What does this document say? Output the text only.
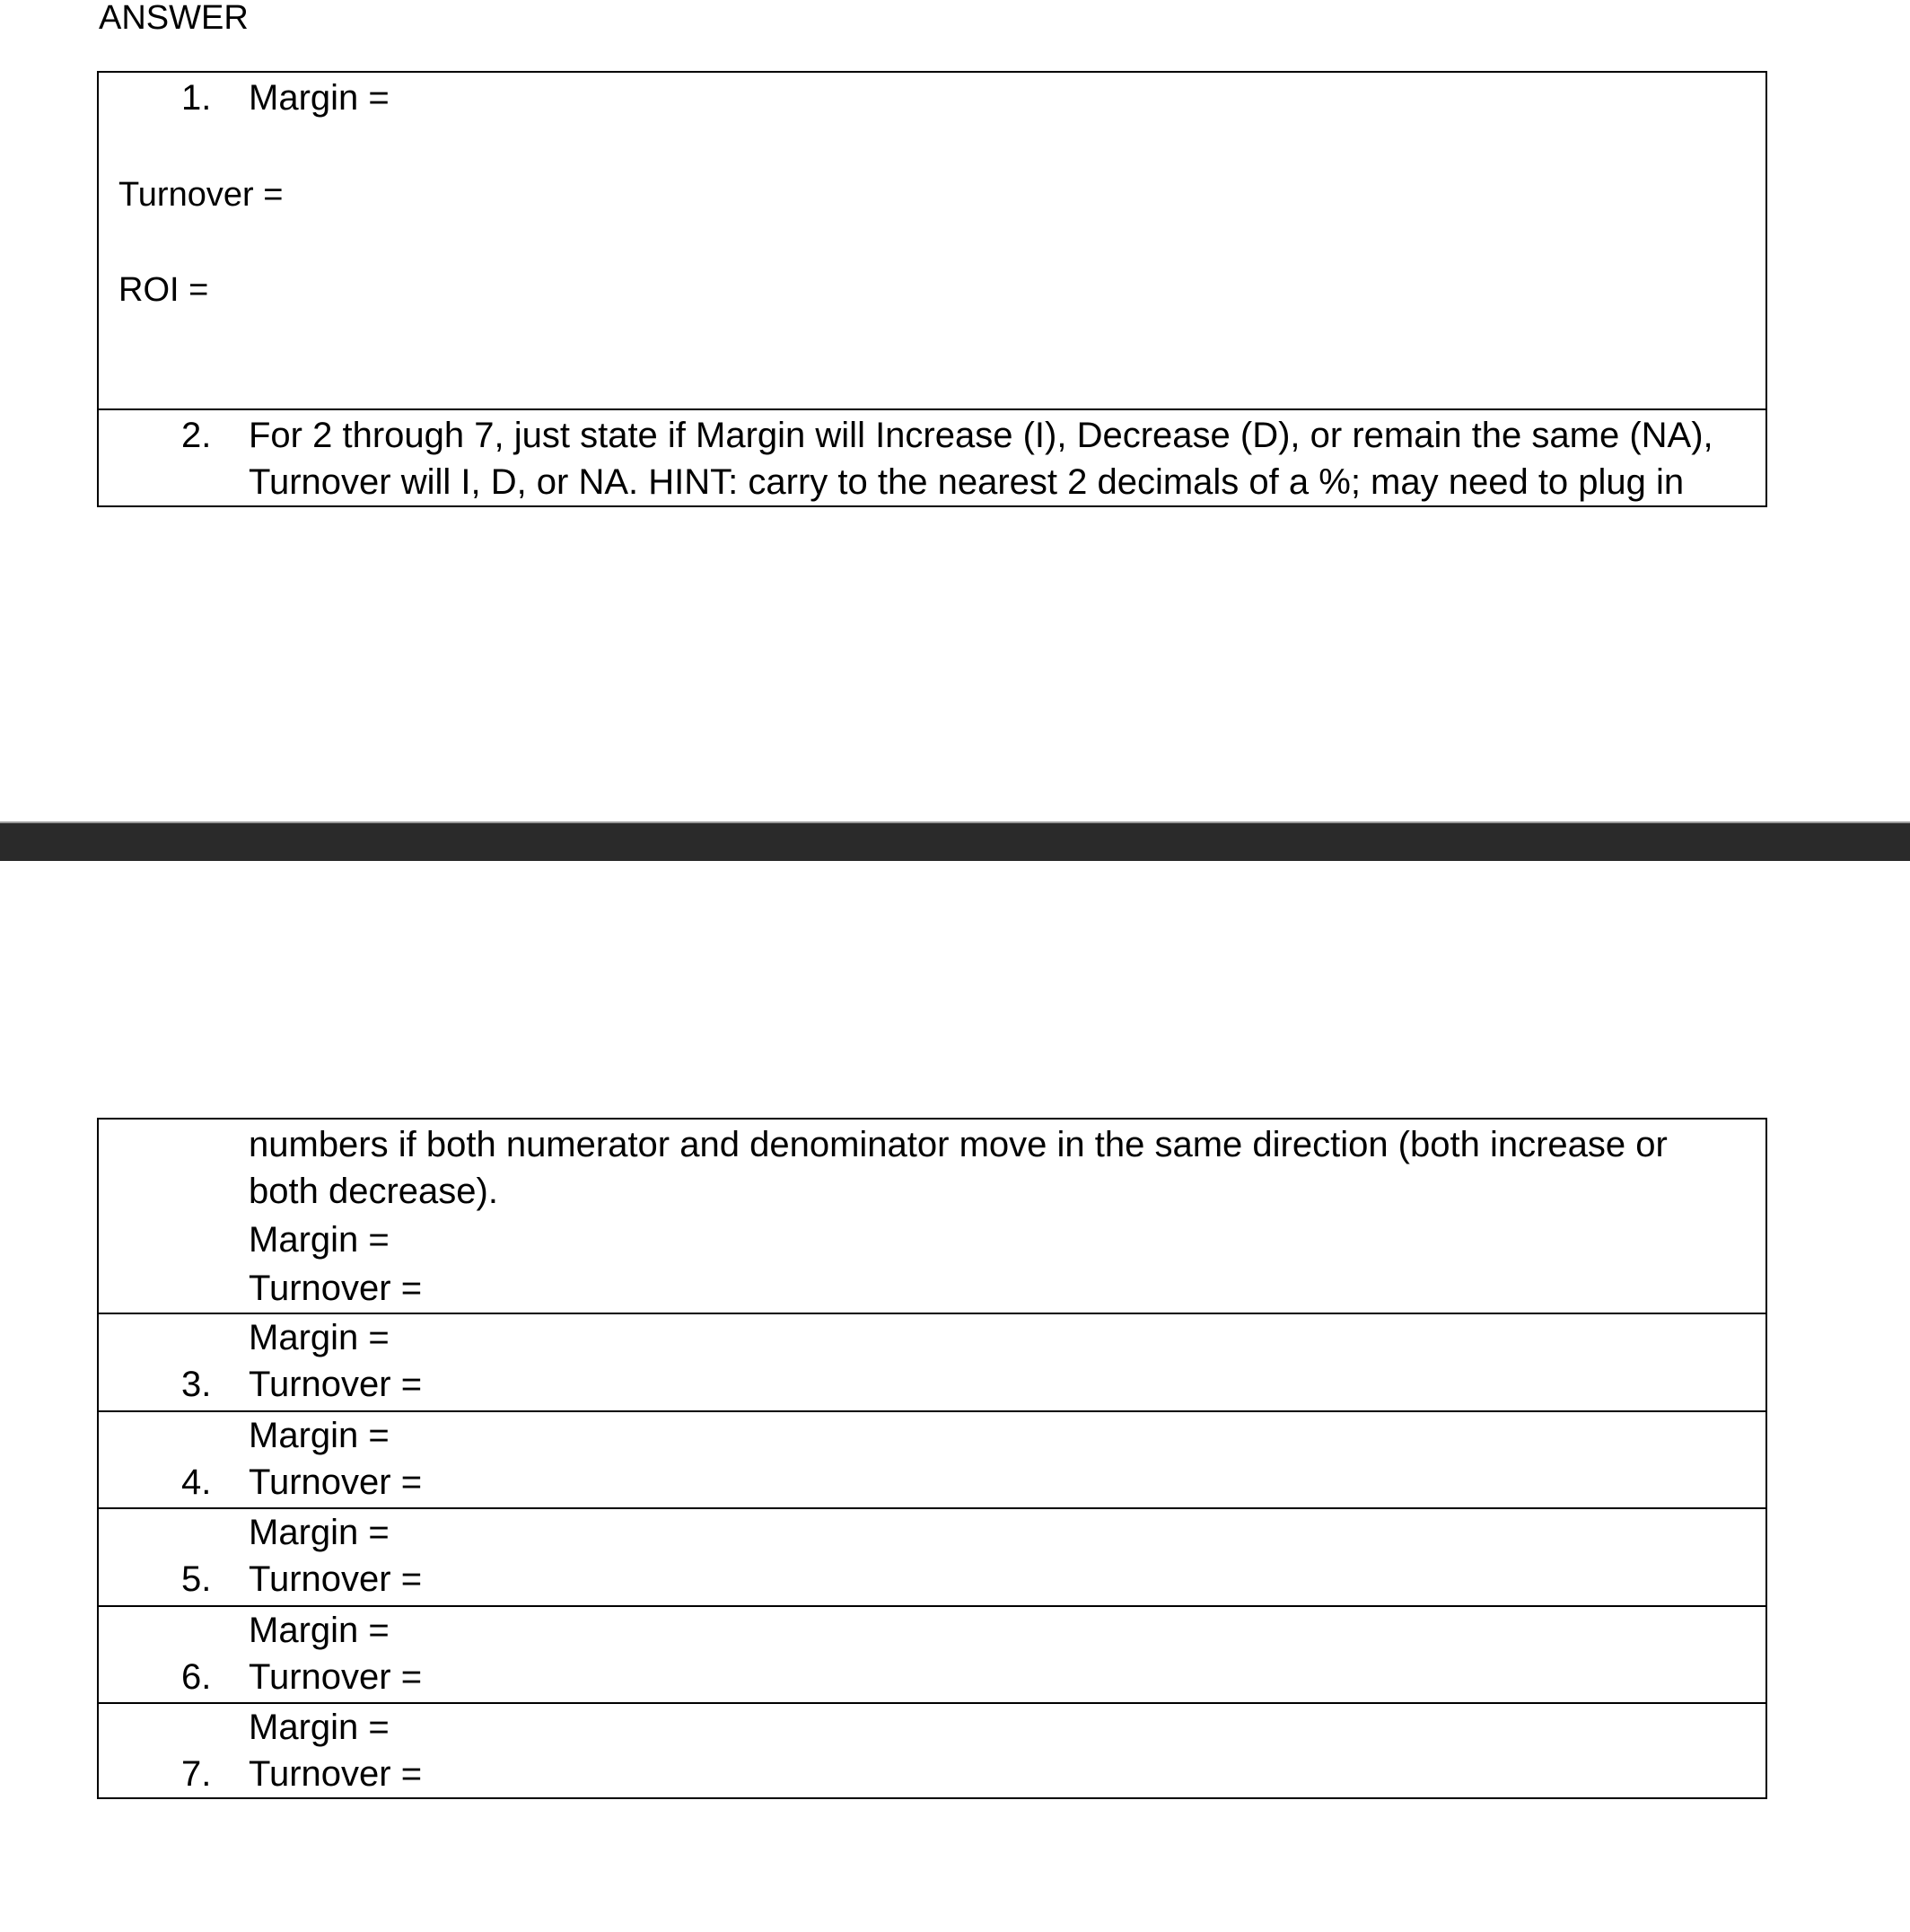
ANSWER
1. Margin =
Turnover =
ROI =
2. For 2 through 7, just state if Margin will Increase (I), Decrease (D), or remain the same (NA),
Turnover will I, D, or NA. HINT: carry to the nearest 2 decimals of a %; may need to plug in
numbers if both numerator and denominator move in the same direction (both increase or
both decrease).
Margin =
Turnover =
Margin =
3. Turnover =
Margin =
4. Turnover =
Margin =
5. Turnover =
Margin =
6. Turnover =
Margin =
7. Turnover =
